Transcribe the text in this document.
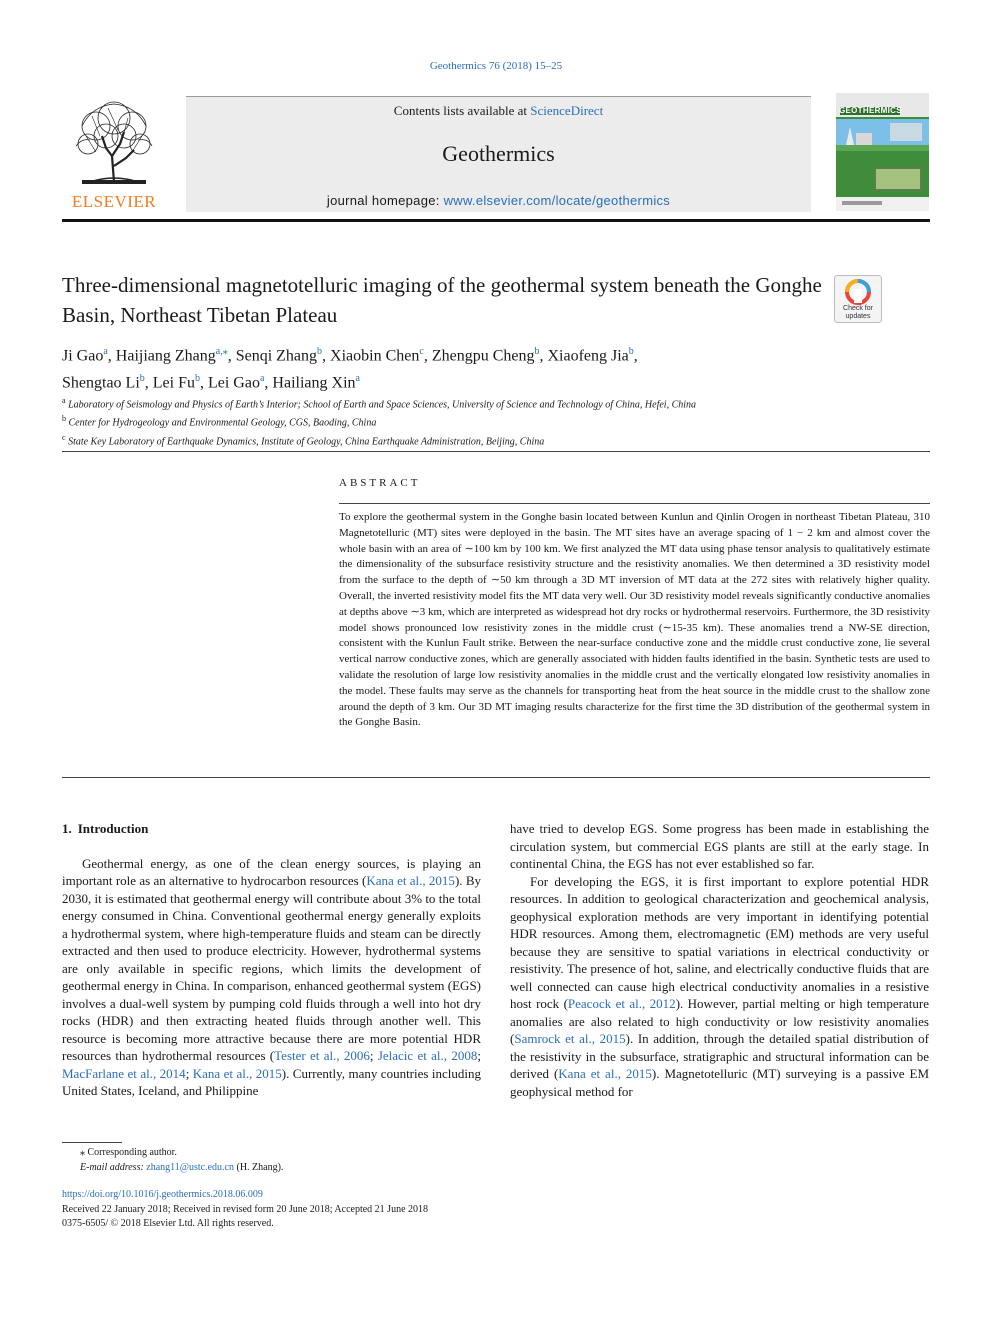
Geothermics 76 (2018) 15–25
ELSEVIER
Contents lists available at ScienceDirect
Geothermics
journal homepage: www.elsevier.com/locate/geothermics
GEOTHERMICS
Three-dimensional magnetotelluric imaging of the geothermal system beneath the Gonghe Basin, Northeast Tibetan Plateau	Check for
updates
Ji Gao$^a$, Haijiang Zhang$^{a,⁎}$, Senqi Zhang$^b$, Xiaobin Chen$^c$, Zhengpu Cheng$^b$, Xiaofeng Jia$^b$,
Shengtao Li$^b$, Lei Fu$^b$, Lei Gao$^a$, Hailiang Xin$^a$
$^a$ Laboratory of Seismology and Physics of Earth’s Interior; School of Earth and Space Sciences, University of Science and Technology of China, Hefei, China
$^b$ Center for Hydrogeology and Environmental Geology, CGS, Baoding, China
$^c$ State Key Laboratory of Earthquake Dynamics, Institute of Geology, China Earthquake Administration, Beijing, China
ABSTRACT
To explore the geothermal system in the Gonghe basin located between Kunlun and Qinlin Orogen in northeast Tibetan Plateau, 310 Magnetotelluric (MT) sites were deployed in the basin. The MT sites have an average spacing of 1 − 2 km and almost cover the whole basin with an area of ∼100 km by 100 km. We first analyzed the MT data using phase tensor analysis to qualitatively estimate the dimensionality of the subsurface resistivity structure and the resistivity anomalies. We then determined a 3D resistivity model from the surface to the depth of ∼50 km through a 3D MT inversion of MT data at the 272 sites with relatively higher quality. Overall, the inverted resistivity model fits the MT data very well. Our 3D resistivity model reveals significantly conductive anomalies at depths above ∼3 km, which are interpreted as widespread hot dry rocks or hydrothermal reservoirs. Furthermore, the 3D resistivity model shows pronounced low resistivity zones in the middle crust (∼15-35 km). These anomalies trend a NW-SE direction, consistent with the Kunlun Fault strike. Between the near-surface conductive zone and the middle crust conductive zone, lie several vertical narrow conductive zones, which are generally associated with hidden faults identified in the basin. Synthetic tests are used to validate the resolution of large low resistivity anomalies in the middle crust and the vertically elongated low resistivity anomalies in the model. These faults may serve as the channels for transporting heat from the heat source in the middle crust to the shallow zone around the depth of 3 km. Our 3D MT imaging results characterize for the first time the 3D distribution of the geothermal system in the Gonghe Basin.
1. Introduction

Geothermal energy, as one of the clean energy sources, is playing an important role as an alternative to hydrocarbon resources (Kana et al., 2015). By 2030, it is estimated that geothermal energy will contribute about 3% to the total energy consumed in China. Conventional geothermal energy generally exploits a hydrothermal system, where high-temperature fluids and steam can be directly extracted and then used to produce electricity. However, hydrothermal systems are only available in specific regions, which limits the development of geothermal energy in China. In comparison, enhanced geothermal system (EGS) involves a dual-well system by pumping cold fluids through a well into hot dry rocks (HDR) and then extracting heated fluids through another well. This resource is becoming more attractive because there are more potential HDR resources than hydrothermal resources (Tester et al., 2006; Jelacic et al., 2008; MacFarlane et al., 2014; Kana et al., 2015). Currently, many countries including United States, Iceland, and Philippine

have tried to develop EGS. Some progress has been made in establishing the circulation system, but commercial EGS plants are still at the early stage. In continental China, the EGS has not ever established so far.

For developing the EGS, it is first important to explore potential HDR resources. In addition to geological characterization and geochemical analysis, geophysical exploration methods are very important in identifying potential HDR resources. Among them, electromagnetic (EM) methods are very useful because they are sensitive to spatial variations in electrical conductivity or resistivity. The presence of hot, saline, and electrically conductive fluids that are well connected can cause high electrical conductivity anomalies in a resistive host rock (Peacock et al., 2012). However, partial melting or high temperature anomalies are also related to high conductivity or low resistivity anomalies (Samrock et al., 2015). In addition, through the detailed spatial distribution of the resistivity in the subsurface, stratigraphic and structural information can be derived (Kana et al., 2015). Magnetotelluric (MT) surveying is a passive EM geophysical method for

⁎ Corresponding author.
E-mail address: zhang11@ustc.edu.cn (H. Zhang).
https://doi.org/10.1016/j.geothermics.2018.06.009
Received 22 January 2018; Received in revised form 20 June 2018; Accepted 21 June 2018
0375-6505/ © 2018 Elsevier Ltd. All rights reserved.
